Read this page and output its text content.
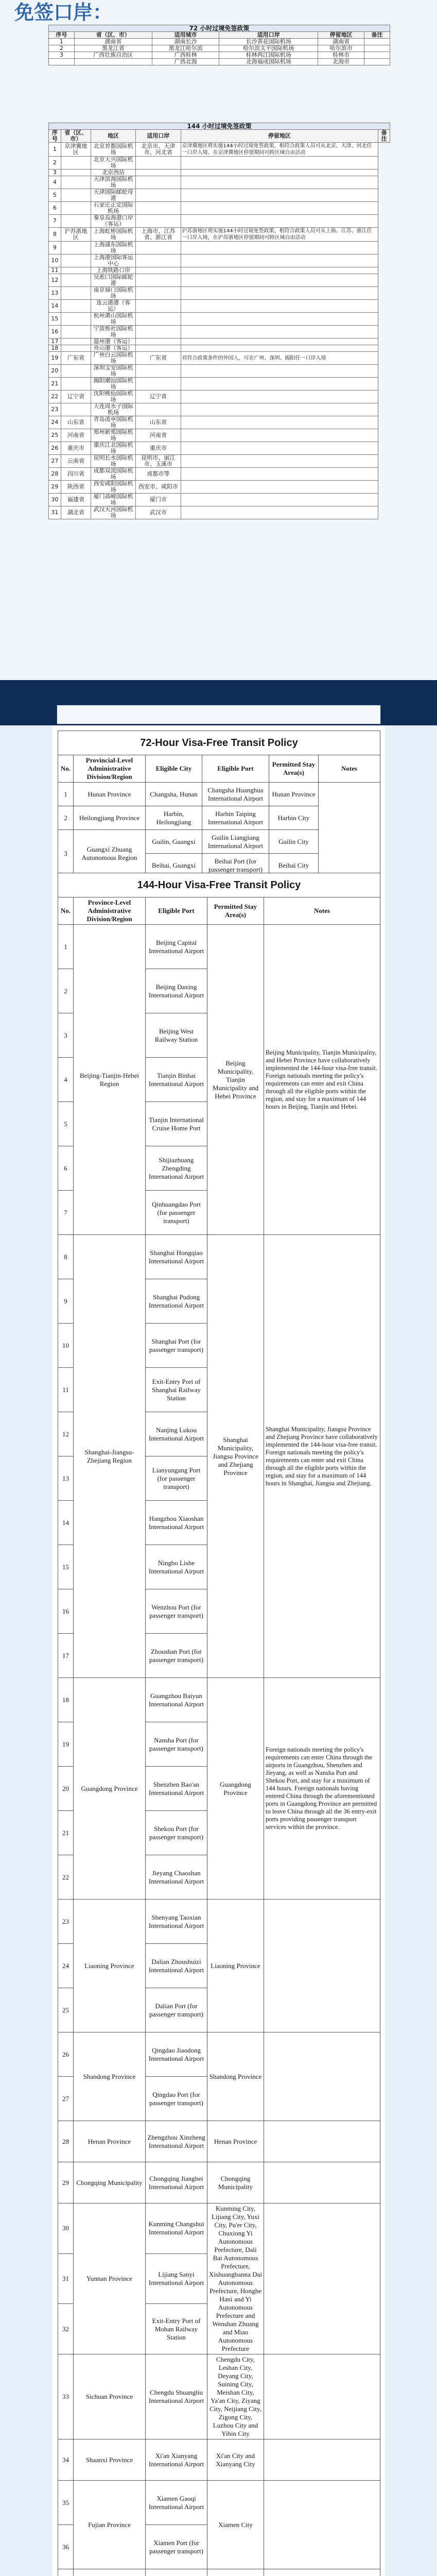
免签口岸：
72 小时过境免签政策					
序号	省（区、市）	适用城市	适用口岸	停留地区	备注
1	湖南省	湖南长沙	长沙黄花国际机场	湖南省	
2	黑龙江省	黑龙江哈尔滨	哈尔滨太平国际机场	哈尔滨市	
3	广西壮族自治区	广西桂林	桂林两江国际机场	桂林市	
		广西北海	北海福成国际机场	北海市	
144 小时过境免签政策					
序号	省（区、市）	地区	适用口岸	停留地区	备注
1	京津冀地区	北京首都国际机场	北京市、天津市、河北省	京津冀地区将实施144小时过境免签政策，相符合政策人员可从北京、天津、河北任一口岸入境、在京津冀地区停留期间可跨区域自由活动	
2		北京大兴国际机场			
3		北京西站			
4		天津滨海国际机场			
5		天津国际邮轮母港			
6		石家庄正定国际机场			
7		秦皇岛海港口岸（客运）			
8	沪苏浙地区	上海虹桥国际机场	上海市、江苏省、浙江省	沪苏浙地区将实施144小时过境免签政策，相符合政策人员可从上海、江苏、浙江任一口岸入境，在沪苏浙地区停留期间可跨区域自由活动	
9		上海浦东国际机场			
10		上海港国际客运中心			
11		上海铁路口岸			
12		吴淞口国际邮轮港			
13		南京禄口国际机场			
14		连云港港（客运）			
15		杭州萧山国际机场			
16		宁波栎社国际机场			
17		温州港（客运）			
18		舟山港（客运）			
19	广东省	广州白云国际机场	广东省	对符合政策条件的外国人，可在广州、深圳、揭阳任一口岸入境	
20		深圳宝安国际机场			
21		揭阳潮汕国际机场			
22	辽宁省	沈阳桃仙国际机场	辽宁省		
23		大连周水子国际机场			
24	山东省	青岛流亭国际机场	山东省		
25	河南省	郑州新郑国际机场	河南省		
26	重庆市	重庆江北国际机场	重庆市		
27	云南省	昆明长水国际机场	昆明市、丽江市、玉溪市		
28	四川省	成都双流国际机场	成都市等		
29	陕西省	西安咸阳国际机场	西安市、咸阳市		
30	福建省	厦门高崎国际机场	厦门市		
31	湖北省	武汉天河国际机场	武汉市		
72-Hour Visa-Free Transit Policy					
No.	Provincial-Level Administrative Division/Region	Eligible City	Eligible Port	Permitted Stay Area(s)	Notes
1	Hunan Province	Changsha, Hunan	Changsha Huanghua International Airport	Hunan Province	
2	Heilongjiang Province	Harbin, Heilongjiang	Harbin Taiping International Airport	Harbin City	
3	Guangxi Zhuang Autonomous Region	Guilin, Guangxi	Guilin Liangjiang International Airport	Guilin City	
		Beihai, Guangxi	Beihai Port (for passenger transport)	Beihai City	
144-Hour Visa-Free Transit Policy				
No.	Province-Level Administrative Division/Region	Eligible Port	Permitted Stay Area(s)	Notes
1	Beijing-Tianjin-Hebei Region	Beijing Capital International Airport	Beijing Municipality, Tianjin Municipality and Hebei Province	Beijing Municipality, Tianjin Municipality, and Hebei Province have collaboratively implemented the 144-hour visa-free transit. Foreign nationals meeting the policy's requirements can enter and exit China through all the eligible ports within the region, and stay for a maximum of 144 hours in Beijing, Tianjin and Hebei.
2		Beijing Daxing International Airport		
3		Beijing West Railway Station		
4		Tianjin Binhai International Airport		
5		Tianjin International Cruise Home Port		
6		Shijiazhuang Zhengding International Airport		
7		Qinhuangdao Port (for passenger transport)		
8	Shanghai-Jiangsu-Zhejiang Region	Shanghai Hongqiao International Airport	Shanghai Municipality, Jiangsu Province and Zhejiang Province	Shanghai Municipality, Jiangsu Province and Zhejiang Province have collaboratively implemented the 144-hour visa-free transit. Foreign nationals meeting the policy's requirements can enter and exit China through all the eligible ports within the region, and stay for a maximum of 144 hours in Shanghai, Jiangsu and Zhejiang.
9		Shanghai Pudong International Airport		
10		Shanghai Port (for passenger transport)		
11		Exit-Entry Port of Shanghai Railway Station		
12		Nanjing Lukou International Airport		
13		Lianyungang Port (for passenger transport)		
14		Hangzhou Xiaoshan International Airport		
15		Ningbo Lishe International Airport		
16		Wenzhou Port (for passenger transport)		
17		Zhoushan Port (for passenger transport)		
18	Guangdong Province	Guangzhou Baiyun International Airport	Guangdong Province	Foreign nationals meeting the policy's requirements can enter China through the airports in Guangzhou, Shenzhen and Jieyang, as well as Nansha Port and Shekou Port, and stay for a maximum of 144 hours. Foreign nationals having entered China through the aforementioned ports in Guangdong Province are permitted to leave China through all the 36 entry-exit ports providing passenger transport services within the province.
19		Nansha Port (for passenger transport)		
20		Shenzhen Bao'an International Airport		
21		Shekou Port (for passenger transport)		
22		Jieyang Chaoshan International Airport		
23	Liaoning Province	Shenyang Taoxian International Airport	Liaoning Province	
24		Dalian Zhoushuizi International Airport		
25		Dalian Port (for passenger transport)		
26	Shandong Province	Qingdao Jiaodong International Airport	Shandong Province	
27		Qingdao Port (for passenger transport)		
28	Henan Province	Zhengzhou Xinzheng International Airport	Henan Province	
29	Chongqing Municipality	Chongqing Jiangbei International Airport	Chongqing Municipality	
30	Yunnan Province	Kunming Changshui International Airport	Kunming City, Lijiang City, Yuxi City, Pu'er City, Chuxiong Yi Autonomous Prefecture, Dali Bai Autonomous Prefecture, Xishuangbanna Dai Autonomous Prefecture, Honghe Hani and Yi Autonomous Prefecture and Wenshan Zhuang and Miao Autonomous Prefecture	
31		Lijiang Sanyi International Airport		
32		Exit-Entry Port of Mohan Railway Station		
33	Sichuan Province	Chengdu Shuangliu International Airport	Chengdu City, Leshan City, Deyang City, Suining City, Meishan City, Ya'an City, Ziyang City, Neijiang City, Zigong City, Luzhou City and Yibin City	
34	Shaanxi Province	Xi'an Xianyang International Airport	Xi'an City and Xianyang City	
35	Fujian Province	Xiamen Gaoqi International Airport	Xiamen City	
36		Xiamen Port (for passenger transport)		
